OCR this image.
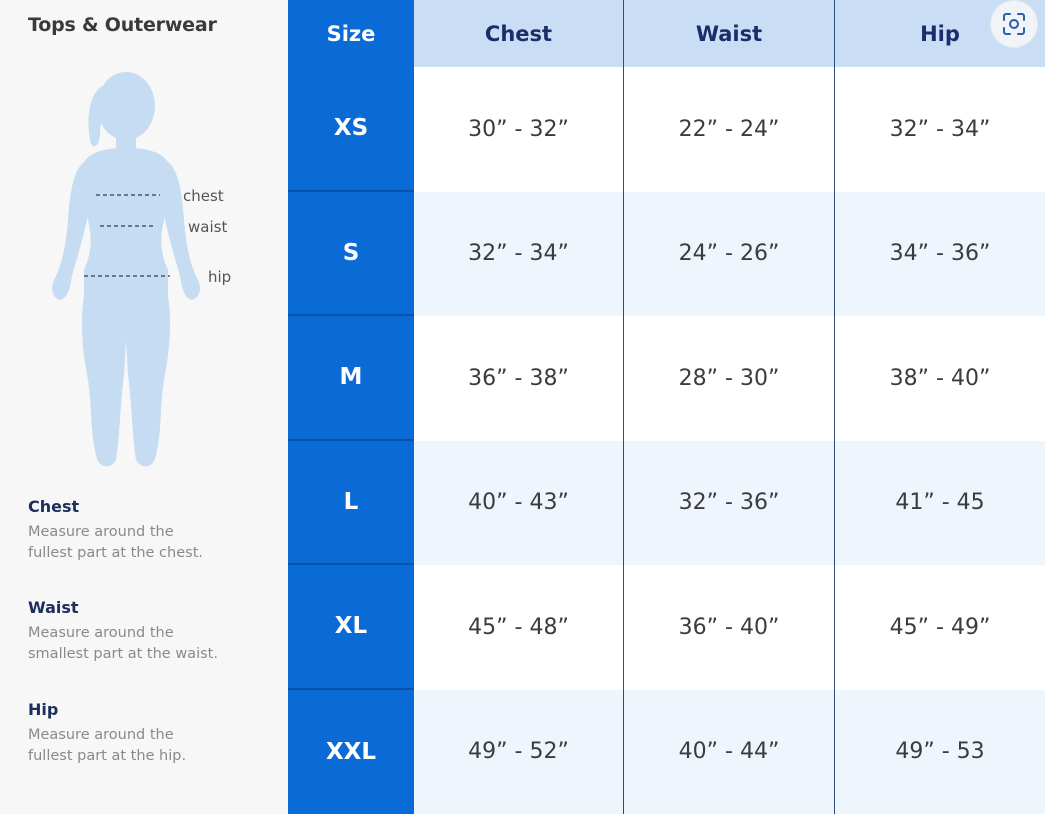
Tops & Outerwear
chest
waist
hip
Chest
Measure around the
fullest part at the chest.
Waist
Measure around the
smallest part at the waist.
Hip
Measure around the
fullest part at the hip.
Size	Chest	Waist	Hip
XS	30” - 32”	22” - 24”	32” - 34”
S	32” - 34”	24” - 26”	34” - 36”
M	36” - 38”	28” - 30”	38” - 40”
L	40” - 43”	32” - 36”	41” - 45
XL	45” - 48”	36” - 40”	45” - 49”
XXL	49” - 52”	40” - 44”	49” - 53
